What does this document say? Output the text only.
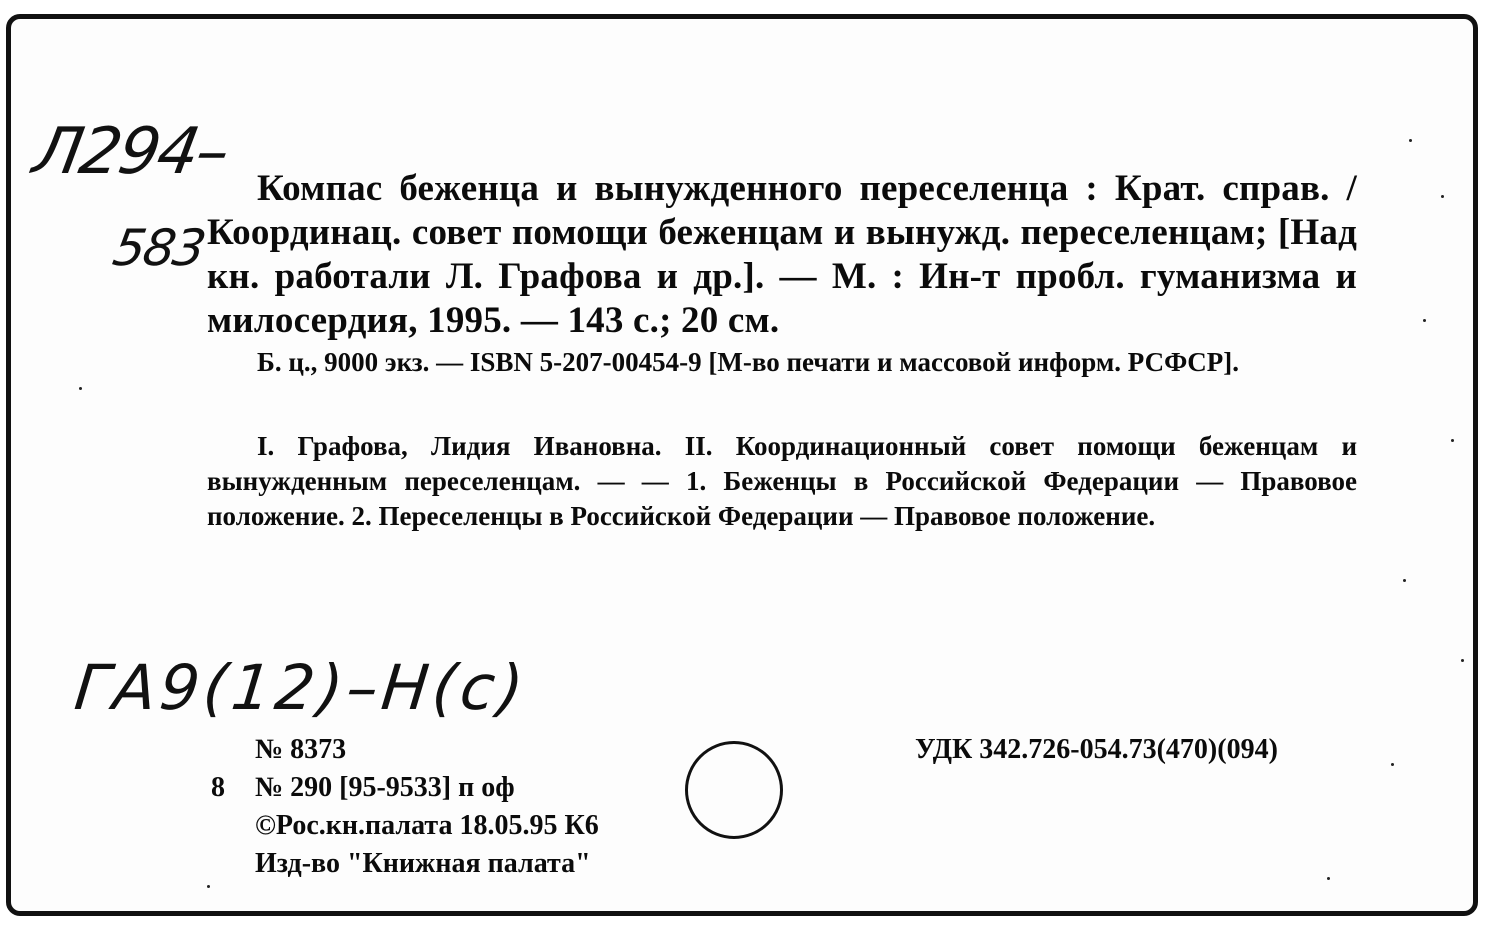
Л294–
583
ГА9(12)–Н(с)

Компас беженца и вынужденного переселенца : Крат. справ. / Координац. совет помощи беженцам и вынужд. переселенцам; [Над кн. работали Л. Графова и др.]. — М. : Ин-т пробл. гуманизма и милосердия, 1995. — 143 с.; 20 см.

Б. ц., 9000 экз. — ISBN 5-207-00454-9 [М-во печати и массовой информ. РСФСР].

I. Графова, Лидия Ивановна. II. Координационный совет помощи беженцам и вынужденным переселенцам. — — 1. Беженцы в Российской Федерации — Правовое положение. 2. Переселенцы в Российской Федерации — Правовое положение.

№ 8373
8	№ 290 [95-9533] п оф
©Рос.кн.палата 18.05.95 К6
Изд-во "Книжная палата"
УДК 342.726-054.73(470)(094)
